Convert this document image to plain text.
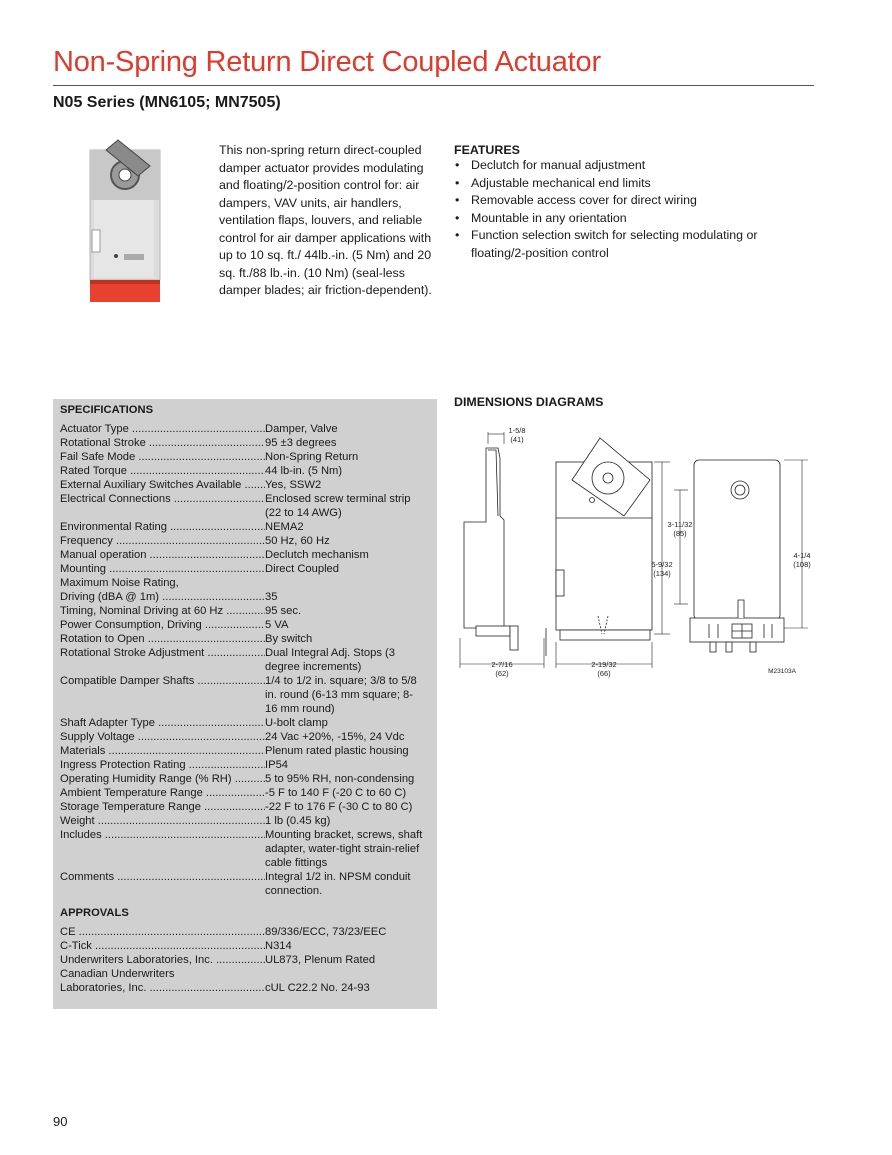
Non-Spring Return Direct Coupled Actuator
N05 Series (MN6105; MN7505)

This non-spring return direct-coupled damper actuator provides modulating and floating/2-position control for: air dampers, VAV units, air handlers, ventilation flaps, louvers, and reliable control for air damper applications with up to 10 sq. ft./ 44lb.-in. (5 Nm) and 20 sq. ft./88 lb.-in. (10 Nm) (seal-less damper blades; air friction-dependent).

FEATURES
• Declutch for manual adjustment
• Adjustable mechanical end limits
• Removable access cover for direct wiring
• Mountable in any orientation
• Function selection switch for selecting modulating or floating/2-position control
SPECIFICATIONS
Actuator Type .....	Damper, Valve
Rotational Stroke .....	95 ±3 degrees
Fail Safe Mode .....	Non-Spring Return
Rated Torque .....	44 lb-in. (5 Nm)
External Auxiliary Switches Available .....	Yes, SSW2
Electrical Connections .....	Enclosed screw terminal strip (22 to 14 AWG)
Environmental Rating .....	NEMA2
Frequency .....	50 Hz, 60 Hz
Manual operation .....	Declutch mechanism
Mounting .....	Direct Coupled
Maximum Noise Rating,
Driving (dBA @ 1m) .....	35
Timing, Nominal Driving at 60 Hz .....	95 sec.
Power Consumption, Driving .....	5 VA
Rotation to Open .....	By switch
Rotational Stroke Adjustment .....	Dual Integral Adj. Stops (3 degree increments)
Compatible Damper Shafts .....	1/4 to 1/2 in. square; 3/8 to 5/8 in. round (6-13 mm square; 8-16 mm round)
Shaft Adapter Type .....	U-bolt clamp
Supply Voltage .....	24 Vac +20%, -15%, 24 Vdc
Materials .....	Plenum rated plastic housing
Ingress Protection Rating .....	IP54
Operating Humidity Range (% RH) .....	5 to 95% RH, non-condensing
Ambient Temperature Range .....	-5 F to 140 F (-20 C to 60 C)
Storage Temperature Range .....	-22 F to 176 F (-30 C to 80 C)
Weight .....	1 lb (0.45 kg)
Includes .....	Mounting bracket, screws, shaft adapter, water-tight strain-relief cable fittings
Comments .....	Integral 1/2 in. NPSM conduit connection.
APPROVALS
CE .....	89/336/ECC, 73/23/EEC
C-Tick .....	N314
Underwriters Laboratories, Inc. .....	UL873, Plenum Rated
Canadian Underwriters
Laboratories, Inc. .....	cUL C22.2 No. 24-93
DIMENSIONS DIAGRAMS
1-5/8
(41)
3-11/32
(85)
5-9/32
(134)
4-1/4
(108)
2-7/16
(62)
2-19/32
(66)	M23103A
90
